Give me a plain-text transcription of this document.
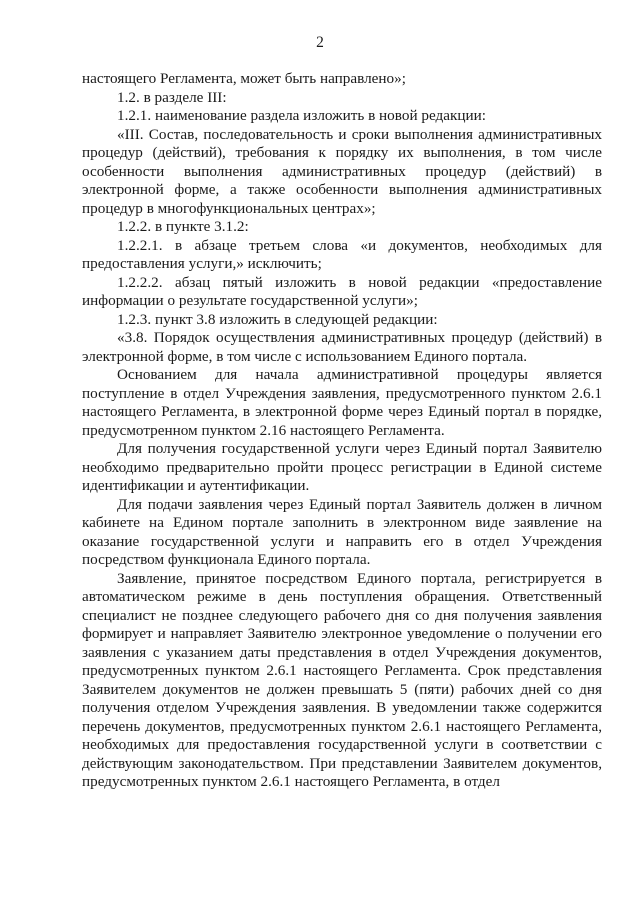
2

настоящего Регламента, может быть направлено»;

1.2. в разделе III:

1.2.1. наименование раздела изложить в новой редакции:

«III. Состав, последовательность и сроки выполнения административных процедур (действий), требования к порядку их выполнения, в том числе особенности выполнения административных процедур (действий) в электронной форме, а также особенности выполнения административных процедур в многофункциональных центрах»;

1.2.2. в пункте 3.1.2:

1.2.2.1. в абзаце третьем слова «и документов, необходимых для предоставления услуги,» исключить;

1.2.2.2. абзац пятый изложить в новой редакции «предоставление информации о результате государственной услуги»;

1.2.3. пункт 3.8 изложить в следующей редакции:

«3.8. Порядок осуществления административных процедур (действий) в электронной форме, в том числе с использованием Единого портала.

Основанием для начала административной процедуры является поступление в отдел Учреждения заявления, предусмотренного пунктом 2.6.1 настоящего Регламента, в электронной форме через Единый портал в порядке, предусмотренном пунктом 2.16 настоящего Регламента.

Для получения государственной услуги через Единый портал Заявителю необходимо предварительно пройти процесс регистрации в Единой системе идентификации и аутентификации.

Для подачи заявления через Единый портал Заявитель должен в личном кабинете на Едином портале заполнить в электронном виде заявление на оказание государственной услуги и направить его в отдел Учреждения посредством функционала Единого портала.

Заявление, принятое посредством Единого портала, регистрируется в автоматическом режиме в день поступления обращения. Ответственный специалист не позднее следующего рабочего дня со дня получения заявления формирует и направляет Заявителю электронное уведомление о получении его заявления с указанием даты представления в отдел Учреждения документов, предусмотренных пунктом 2.6.1 настоящего Регламента. Срок представления Заявителем документов не должен превышать 5 (пяти) рабочих дней со дня получения отделом Учреждения заявления. В уведомлении также содержится перечень документов, предусмотренных пунктом 2.6.1 настоящего Регламента, необходимых для предоставления государственной услуги в соответствии с действующим законодательством. При представлении Заявителем документов, предусмотренных пунктом 2.6.1 настоящего Регламента, в отдел
